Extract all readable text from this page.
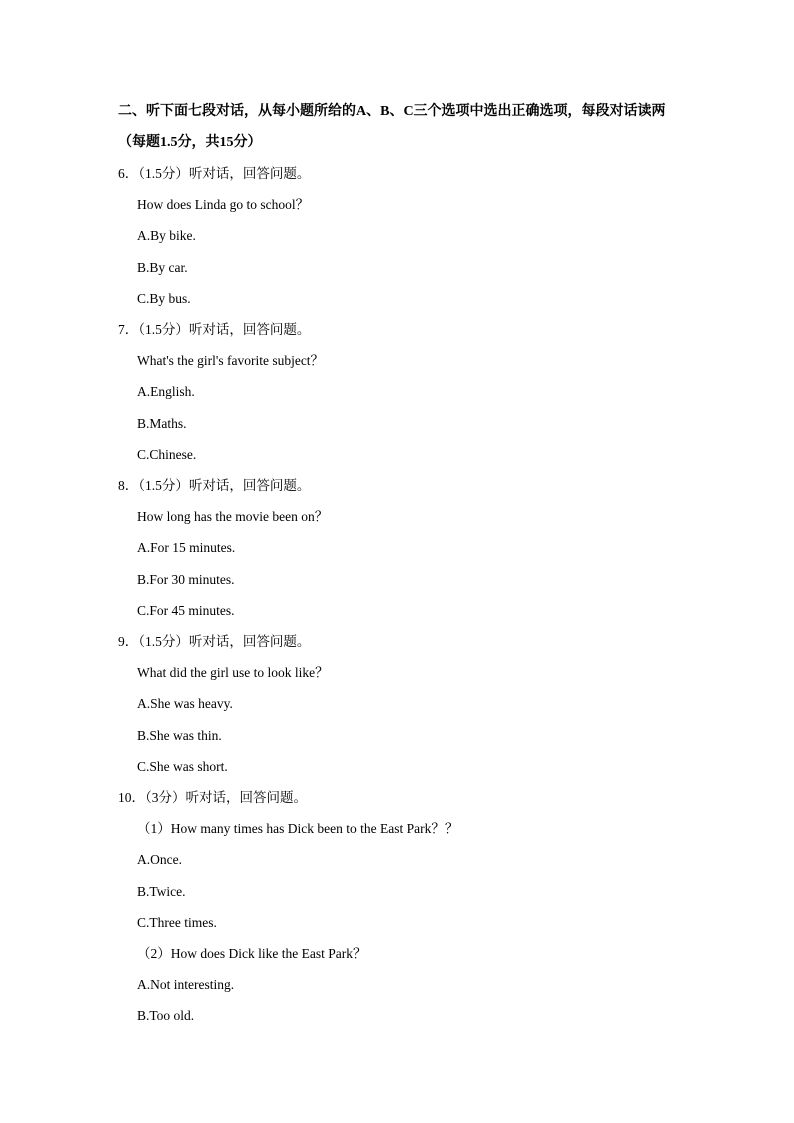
二、听下面七段对话，从每小题所给的A、B、C三个选项中选出正确选项，每段对话读两
（每题1.5分，共15分）
6．（1.5分）听对话，回答问题。
How does Linda go to school？
A.By bike.
B.By car.
C.By bus.
7．（1.5分）听对话，回答问题。
What's the girl's favorite subject？
A.English.
B.Maths.
C.Chinese.
8．（1.5分）听对话，回答问题。
How long has the movie been on？
A.For 15 minutes.
B.For 30 minutes.
C.For 45 minutes.
9．（1.5分）听对话，回答问题。
What did the girl use to look like？
A.She was heavy.
B.She was thin.
C.She was short.
10．（3分）听对话，回答问题。
（1）How many times has Dick been to the East Park？？
A.Once.
B.Twice.
C.Three times.
（2）How does Dick like the East Park？
A.Not interesting.
B.Too old.
